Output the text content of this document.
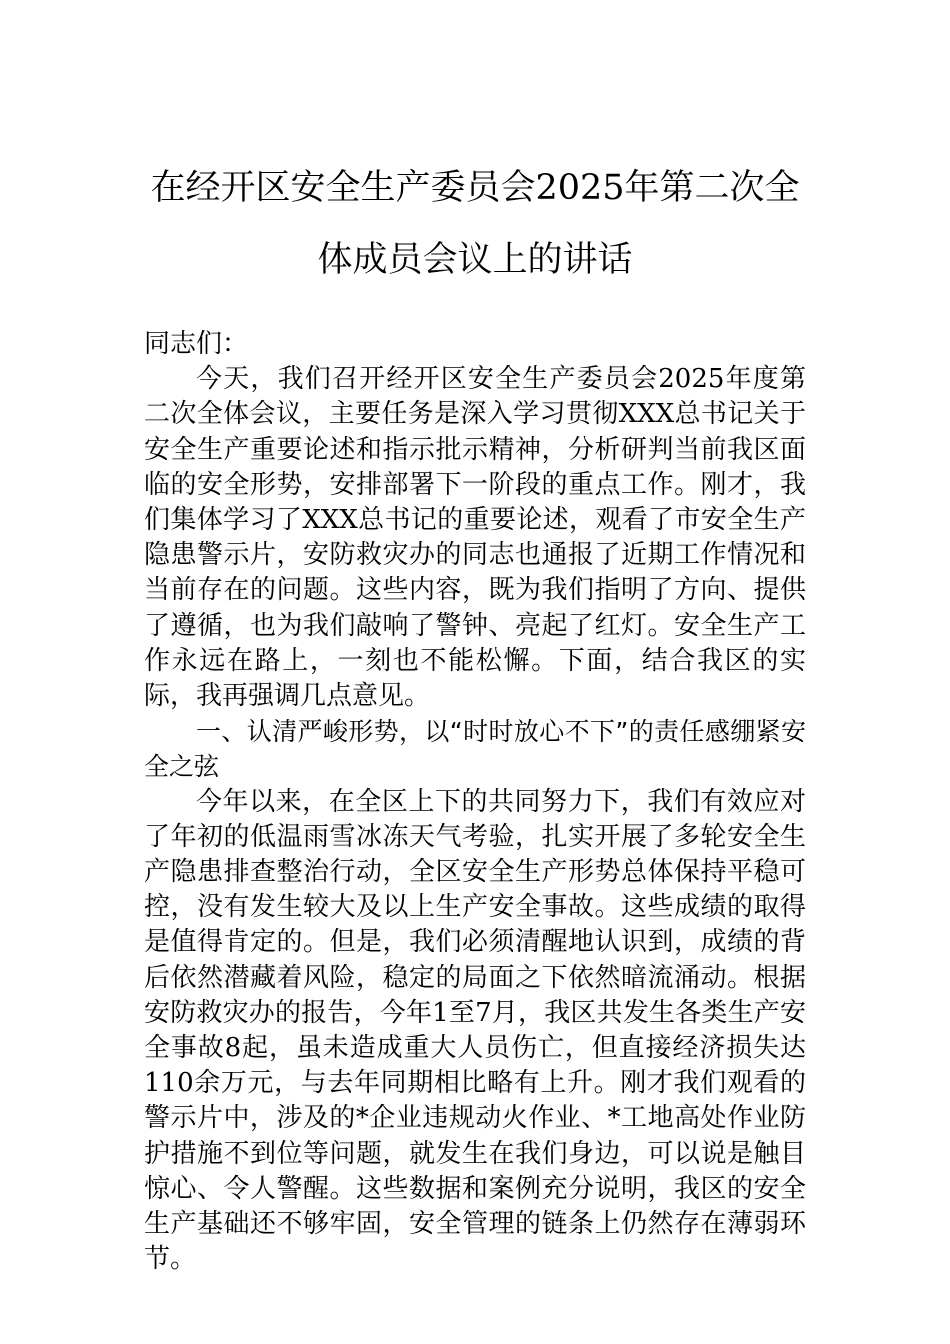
在经开区安全生产委员会2025年第二次全
体成员会议上的讲话

同志们：

今天，我们召开经开区安全生产委员会2025年度第二次全体会议，主要任务是深入学习贯彻XXX总书记关于安全生产重要论述和指示批示精神，分析研判当前我区面临的安全形势，安排部署下一阶段的重点工作。刚才，我们集体学习了XXX总书记的重要论述，观看了市安全生产隐患警示片，安防救灾办的同志也通报了近期工作情况和当前存在的问题。这些内容，既为我们指明了方向、提供了遵循，也为我们敲响了警钟、亮起了红灯。安全生产工作永远在路上，一刻也不能松懈。下面，结合我区的实际，我再强调几点意见。

一、认清严峻形势，以“时时放心不下”的责任感绷紧安全之弦

今年以来，在全区上下的共同努力下，我们有效应对了年初的低温雨雪冰冻天气考验，扎实开展了多轮安全生产隐患排查整治行动，全区安全生产形势总体保持平稳可控，没有发生较大及以上生产安全事故。这些成绩的取得是值得肯定的。但是，我们必须清醒地认识到，成绩的背后依然潜藏着风险，稳定的局面之下依然暗流涌动。根据安防救灾办的报告，今年1至7月，我区共发生各类生产安全事故8起，虽未造成重大人员伤亡，但直接经济损失达110余万元，与去年同期相比略有上升。刚才我们观看的警示片中，涉及的*企业违规动火作业、*工地高处作业防护措施不到位等问题，就发生在我们身边，可以说是触目惊心、令人警醒。这些数据和案例充分说明，我区的安全生产基础还不够牢固，安全管理的链条上仍然存在薄弱环节。
